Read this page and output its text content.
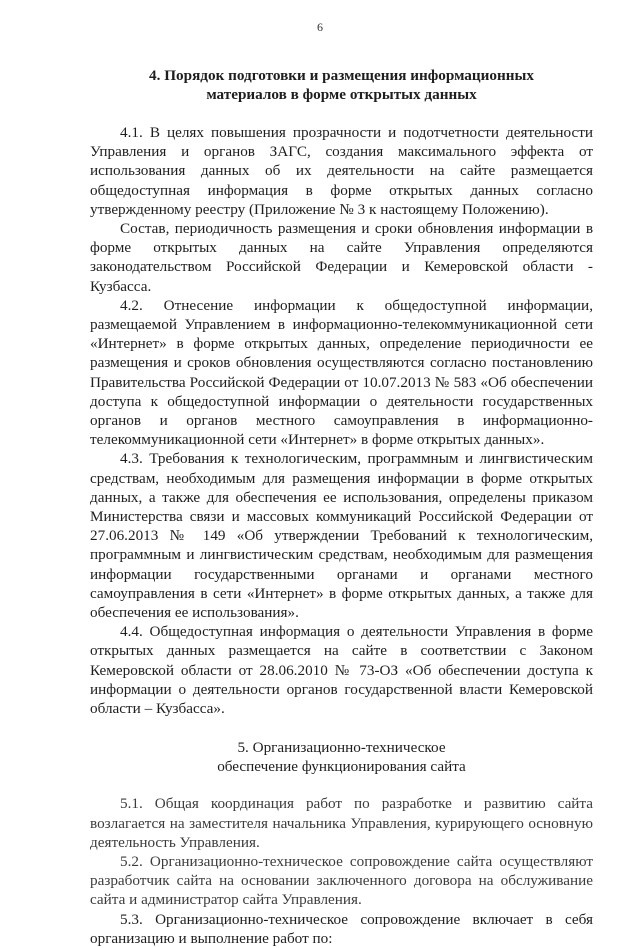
6
4. Порядок подготовки и размещения информационных
материалов в форме открытых данных

4.1. В целях повышения прозрачности и подотчетности деятельности Управления и органов ЗАГС, создания максимального эффекта от использования данных об их деятельности на сайте размещается общедоступная информация в форме открытых данных согласно утвержденному реестру (Приложение № 3 к настоящему Положению).

Состав, периодичность размещения и сроки обновления информации в форме открытых данных на сайте Управления определяются законодательством Российской Федерации и Кемеровской области - Кузбасса.

4.2. Отнесение информации к общедоступной информации, размещаемой Управлением в информационно-телекоммуникационной сети «Интернет» в форме открытых данных, определение периодичности ее размещения и сроков обновления осуществляются согласно постановлению Правительства Российской Федерации от 10.07.2013 № 583 «Об обеспечении доступа к общедоступной информации о деятельности государственных органов и органов местного самоуправления в информационно-телекоммуникационной сети «Интернет» в форме открытых данных».

4.3. Требования к технологическим, программным и лингвистическим средствам, необходимым для размещения информации в форме открытых данных, а также для обеспечения ее использования, определены приказом Министерства связи и массовых коммуникаций Российской Федерации от 27.06.2013 № 149 «Об утверждении Требований к технологическим, программным и лингвистическим средствам, необходимым для размещения информации государственными органами и органами местного самоуправления в сети «Интернет» в форме открытых данных, а также для обеспечения ее использования».

4.4. Общедоступная информация о деятельности Управления в форме открытых данных размещается на сайте в соответствии с Законом Кемеровской области от 28.06.2010 № 73-ОЗ «Об обеспечении доступа к информации о деятельности органов государственной власти Кемеровской области – Кузбасса».

5. Организационно-техническое
обеспечение функционирования сайта

5.1. Общая координация работ по разработке и развитию сайта возлагается на заместителя начальника Управления, курирующего основную деятельность Управления.

5.2. Организационно-техническое сопровождение сайта осуществляют разработчик сайта на основании заключенного договора на обслуживание сайта и администратор сайта Управления.

5.3. Организационно-техническое сопровождение включает в себя организацию и выполнение работ по:
